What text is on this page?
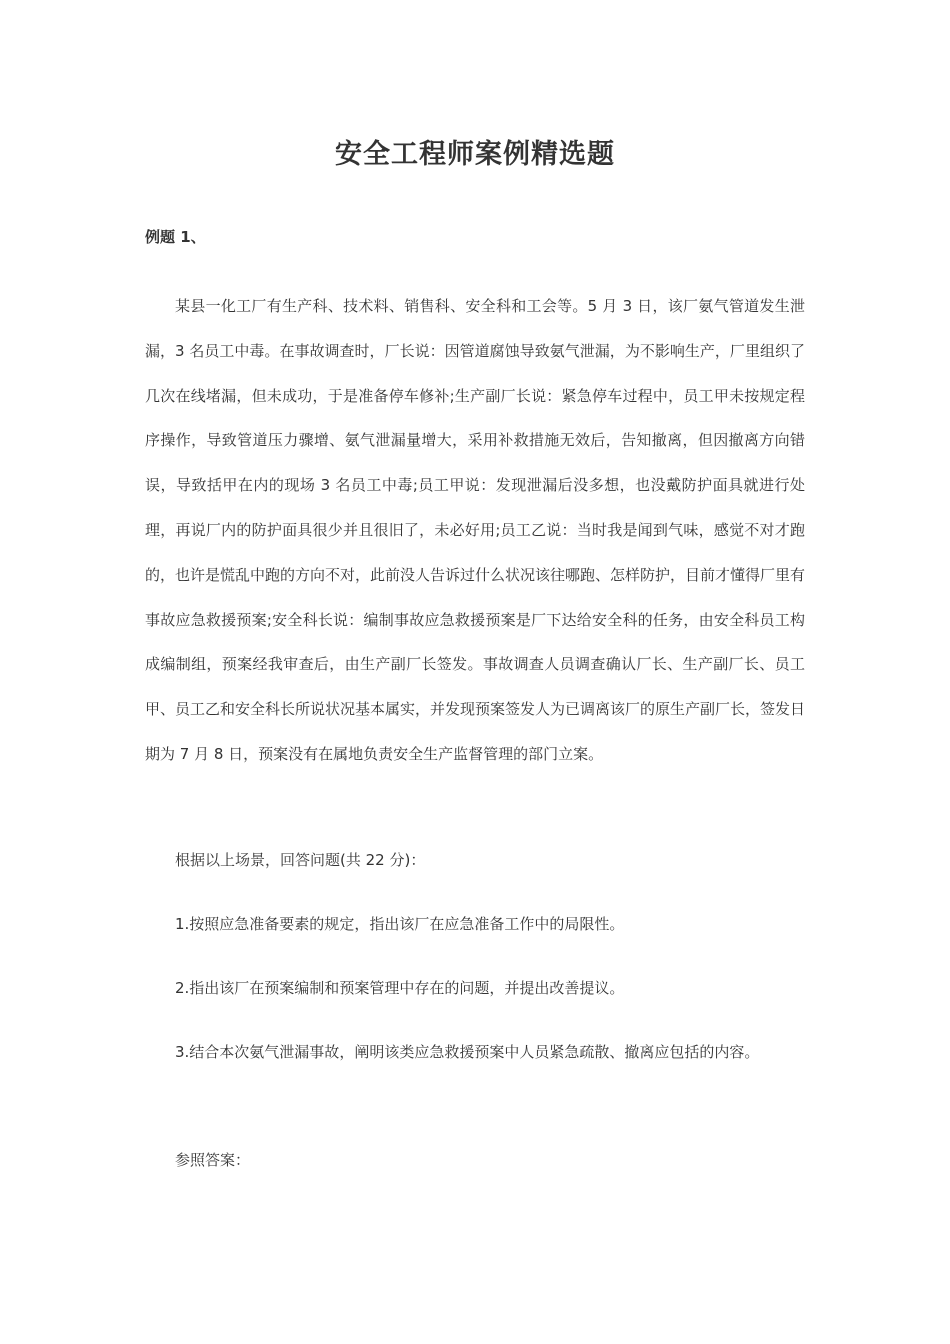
安全工程师案例精选题
例题 1、

某县一化工厂有生产科、技术料、销售科、安全科和工会等。5 月 3 日，该厂氨气管道发生泄漏，3 名员工中毒。在事故调查时，厂长说：因管道腐蚀导致氨气泄漏，为不影响生产，厂里组织了几次在线堵漏，但未成功，于是准备停车修补;生产副厂长说：紧急停车过程中，员工甲未按规定程序操作，导致管道压力骤增、氨气泄漏量增大，采用补救措施无效后，告知撤离，但因撤离方向错误，导致括甲在内的现场 3 名员工中毒;员工甲说：发现泄漏后没多想，也没戴防护面具就进行处理，再说厂内的防护面具很少并且很旧了，未必好用;员工乙说：当时我是闻到气味，感觉不对才跑的，也许是慌乱中跑的方向不对，此前没人告诉过什么状况该往哪跑、怎样防护，目前才懂得厂里有事故应急救援预案;安全科长说：编制事故应急救援预案是厂下达给安全科的任务，由安全科员工构成编制组，预案经我审查后，由生产副厂长签发。事故调查人员调查确认厂长、生产副厂长、员工甲、员工乙和安全科长所说状况基本属实，并发现预案签发人为已调离该厂的原生产副厂长，签发日期为 7 月 8 日，预案没有在属地负责安全生产监督管理的部门立案。

根据以上场景，回答问题(共 22 分)：

1.按照应急准备要素的规定，指出该厂在应急准备工作中的局限性。

2.指出该厂在预案编制和预案管理中存在的问题，并提出改善提议。

3.结合本次氨气泄漏事故，阐明该类应急救援预案中人员紧急疏散、撤离应包括的内容。

参照答案：
